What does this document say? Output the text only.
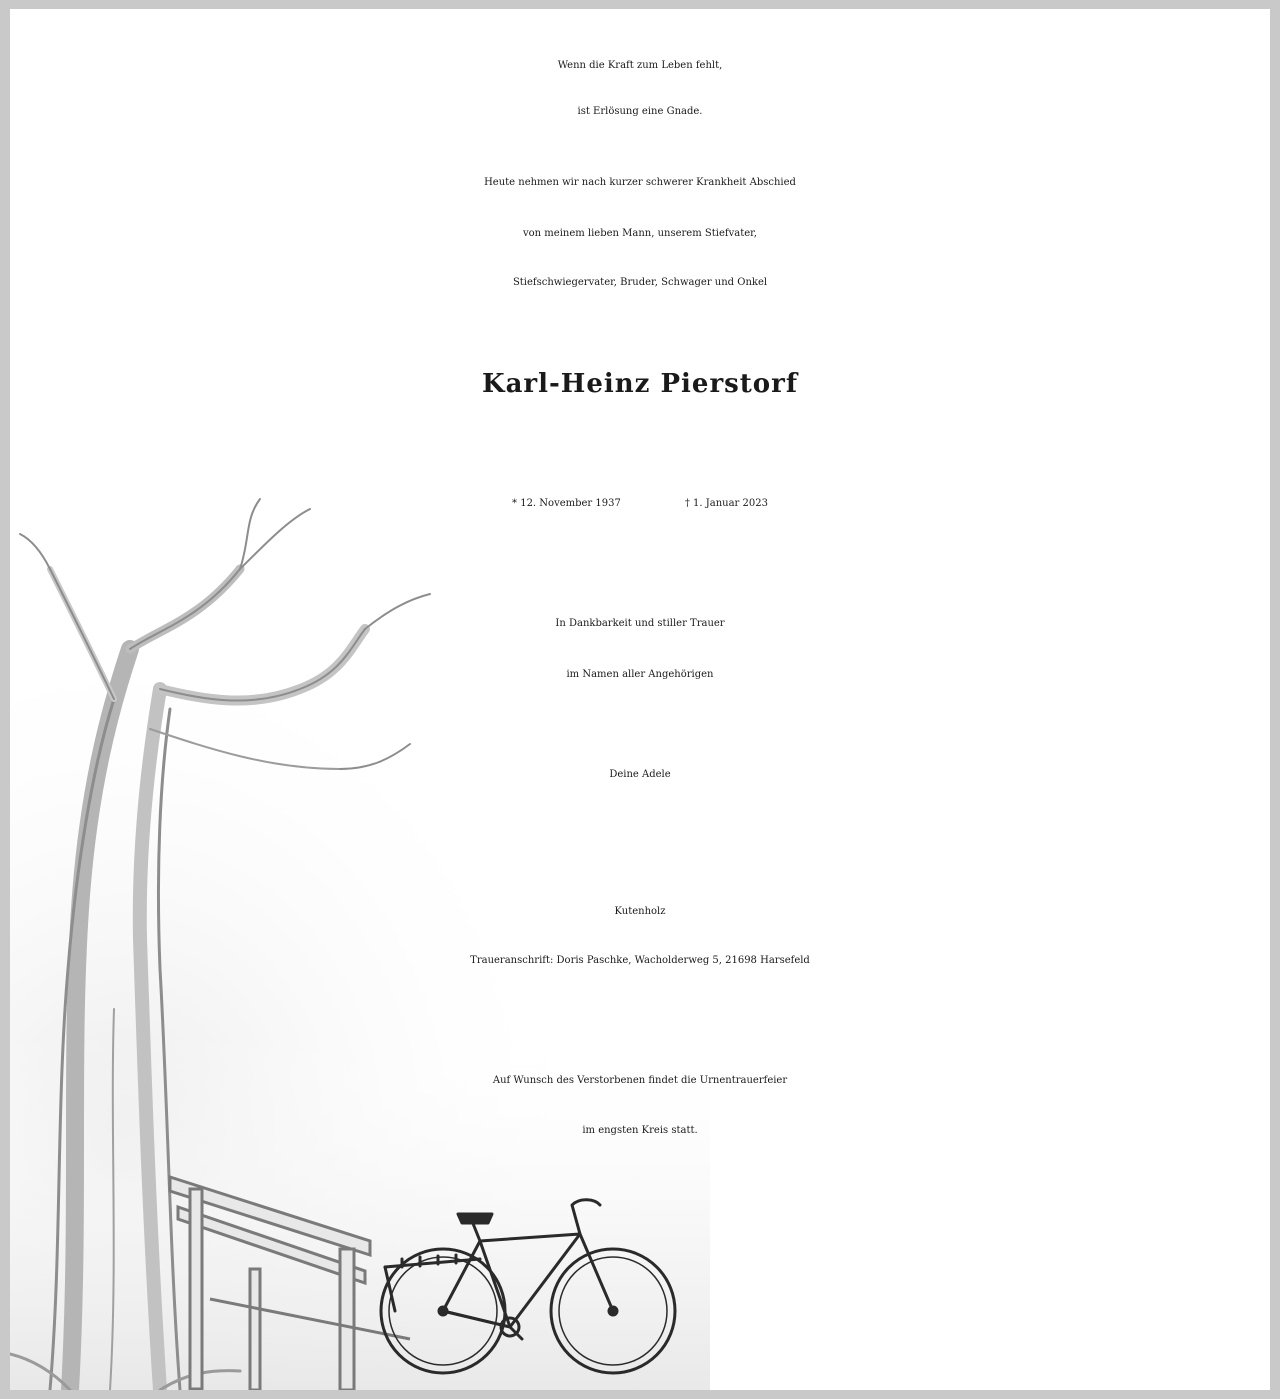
Wenn die Kraft zum Leben fehlt,
ist Erlösung eine Gnade.
Heute nehmen wir nach kurzer schwerer Krankheit Abschied
von meinem lieben Mann, unserem Stiefvater,
Stiefschwiegervater, Bruder, Schwager und Onkel
Karl-Heinz Pierstorf
* 12. November 1937	† 1. Januar 2023
In Dankbarkeit und stiller Trauer
im Namen aller Angehörigen
Deine Adele
Kutenholz
Traueranschrift: Doris Paschke, Wacholderweg 5, 21698 Harsefeld
Auf Wunsch des Verstorbenen findet die Urnentrauerfeier
im engsten Kreis statt.
